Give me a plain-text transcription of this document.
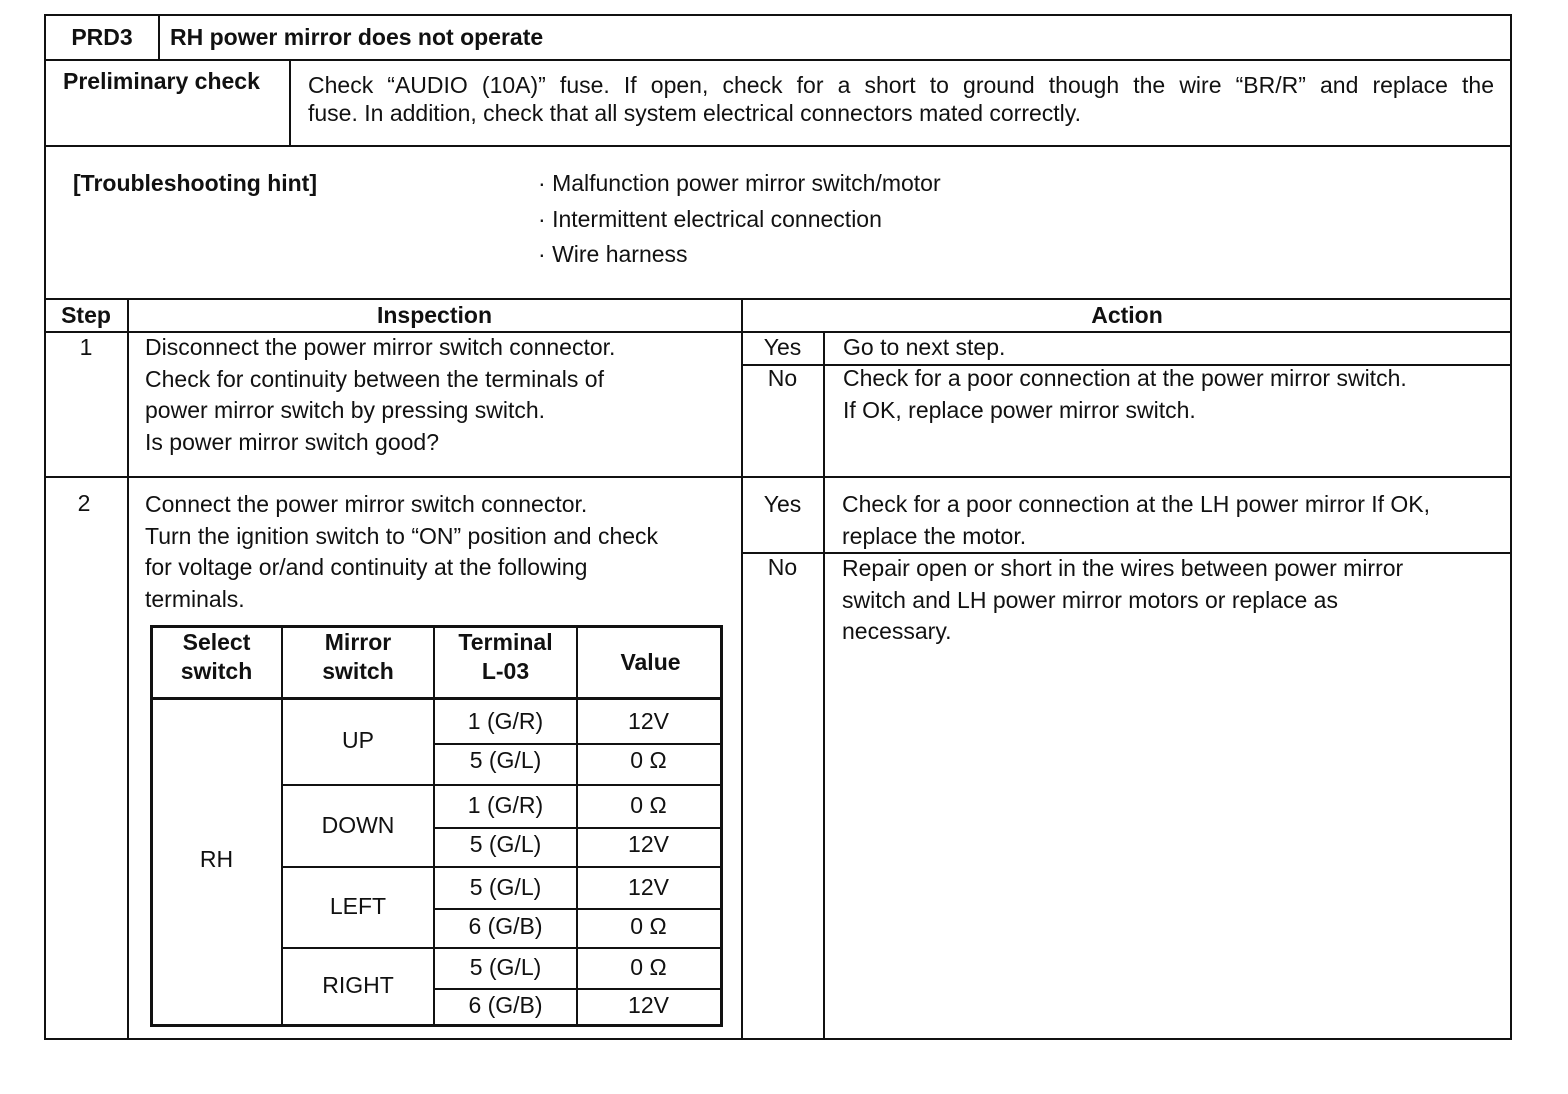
PRD3	RH power mirror does not operate
Preliminary check Check “AUDIO (10A)” fuse. If open, check for a short to ground though the wire “BR/R” and replace the
fuse. In addition, check that all system electrical connectors mated correctly.
[Troubleshooting hint]
·	Malfunction power mirror switch/motor
· Intermittent electrical connection
· Wire harness
Step	Inspection	Action
1	Disconnect the power mirror switch connector.
Check for continuity between the terminals of
power mirror switch by pressing switch.
Is power mirror switch good?
Yes	Go to next step.
No	Check for a poor connection at the power mirror switch.
If OK, replace power mirror switch.
2	Connect the power mirror switch connector.
Turn the ignition switch to “ON” position and check
for voltage or/and continuity at the following
terminals.
Yes	Check for a poor connection at the LH power mirror If OK,
replace the motor.
No	Repair open or short in the wires between power mirror
switch and LH power mirror motors or replace as
necessary.
Select
switch
Mirror
switch
Terminal
L-03	Value
RH
UP
1 (G/R)	12V
5 (G/L)	0 Ω
DOWN
1 (G/R)	0 Ω
5 (G/L)	12V
LEFT
5 (G/L)	12V
6 (G/B)	0 Ω
RIGHT
5 (G/L)	0 Ω
6 (G/B)	12V
